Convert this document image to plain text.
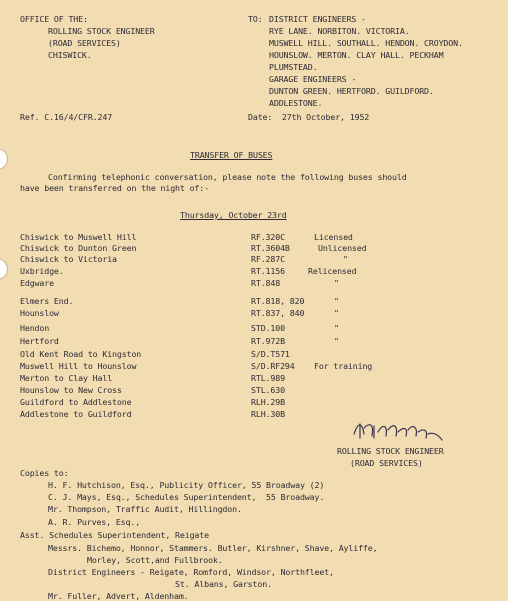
OFFICE OF THE:
ROLLING STOCK ENGINEER
(ROAD SERVICES)
CHISWICK.
TO: DISTRICT ENGINEERS -
RYE LANE. NORBITON. VICTORIA.
MUSWELL HILL. SOUTHALL. HENDON. CROYDON.
HOUNSLOW. MERTON. CLAY HALL. PECKHAM
PLUMSTEAD.
GARAGE ENGINEERS -
DUNTON GREEN. HERTFORD. GUILDFORD.
ADDLESTONE.
Ref. C.16/4/CFR.247	Date:  27th October, 1952
TRANSFER OF BUSES
Confirming telephonic conversation, please note the following buses should
have been transferred on the night of:-
Thursday, October 23rd
Chiswick to Muswell Hill	RF.320C	Licensed
Chiswick to Dunton Green	RT.3604B	Unlicensed
Chiswick to Victoria	RF.287C	"
Uxbridge.	RT.1156	Relicensed
Edgware	RT.848	"
Elmers End.	RT.818, 820	"
Hounslow	RT.837, 840	"
Hendon	STD.100	"
Hertford	RT.972B	"
Old Kent Road to Kingston	S/D.T571
Muswell Hill to Hounslow	S/D.RF294 For training
Merton to Clay Hall	RTL.989
Hounslow to New Cross	STL.630
Guildford to Addlestone	RLH.29B
Addlestone to Guildford	RLH.30B
ROLLING STOCK ENGINEER
(ROAD SERVICES)
Copies to:
H. F. Hutchison, Esq., Publicity Officer, 55 Broadway (2)
C. J. Mays, Esq., Schedules Superintendent,  55 Broadway.
Mr. Thompson, Traffic Audit, Hillingdon.
A. R. Purves, Esq.,
Asst. Schedules Superintendent, Reigate
Messrs. Bichemo, Honnor, Stammers. Butler, Kirshner, Shave, Ayliffe,
Morley, Scott,and Fullbrook.
District Engineers - Reigate, Romford, Windsor, Northfleet,
St. Albans, Garston.
Mr. Fuller, Advert, Aldenham.
